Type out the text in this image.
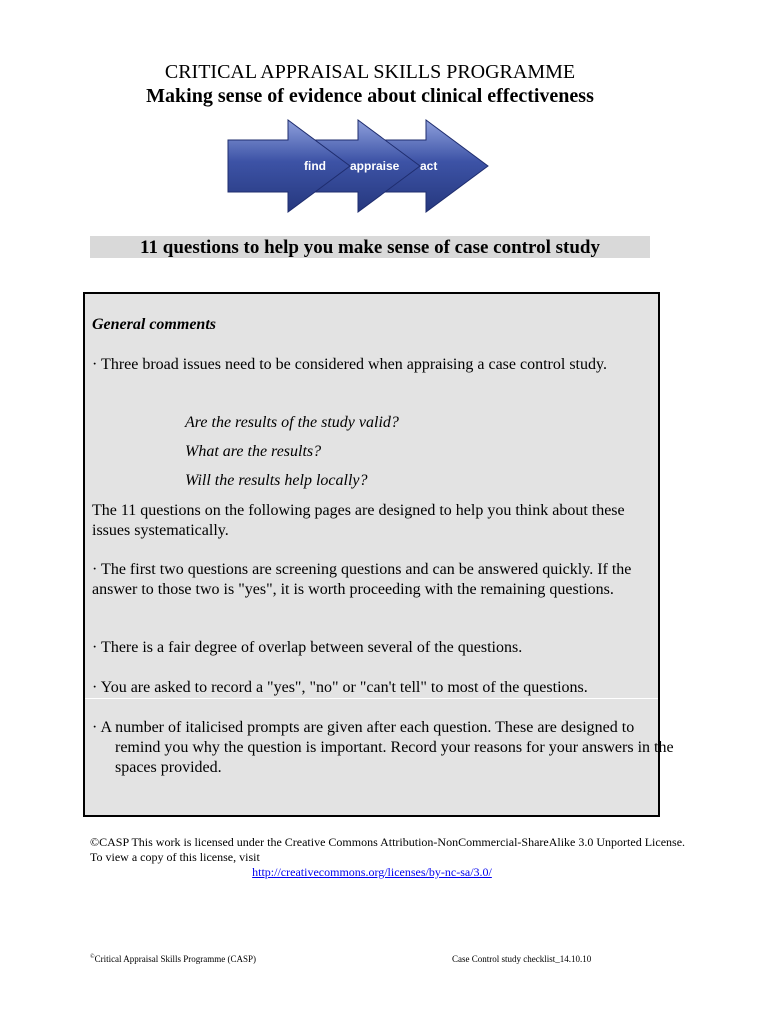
CRITICAL APPRAISAL SKILLS PROGRAMME
Making sense of evidence about clinical effectiveness
find appraise act
11 questions to help you make sense of case control study

General comments

· Three broad issues need to be considered when appraising a case control study.

Are the results of the study valid?

What are the results?

Will the results help locally?

The 11 questions on the following pages are designed to help you think about these issues systematically.

· The first two questions are screening questions and can be answered quickly. If the answer to those two is "yes", it is worth proceeding with the remaining questions.

· There is a fair degree of overlap between several of the questions.

· You are asked to record a "yes", "no" or "can't tell" to most of the questions.

· A number of italicised prompts are given after each question. These are designed to remind you why the question is important. Record your reasons for your answers in the spaces provided.

©CASP This work is licensed under the Creative Commons Attribution-NonCommercial-ShareAlike 3.0 Unported License. To view a copy of this license, visit
http://creativecommons.org/licenses/by-nc-sa/3.0/
©Critical Appraisal Skills Programme (CASP)	Case Control study checklist_14.10.10
